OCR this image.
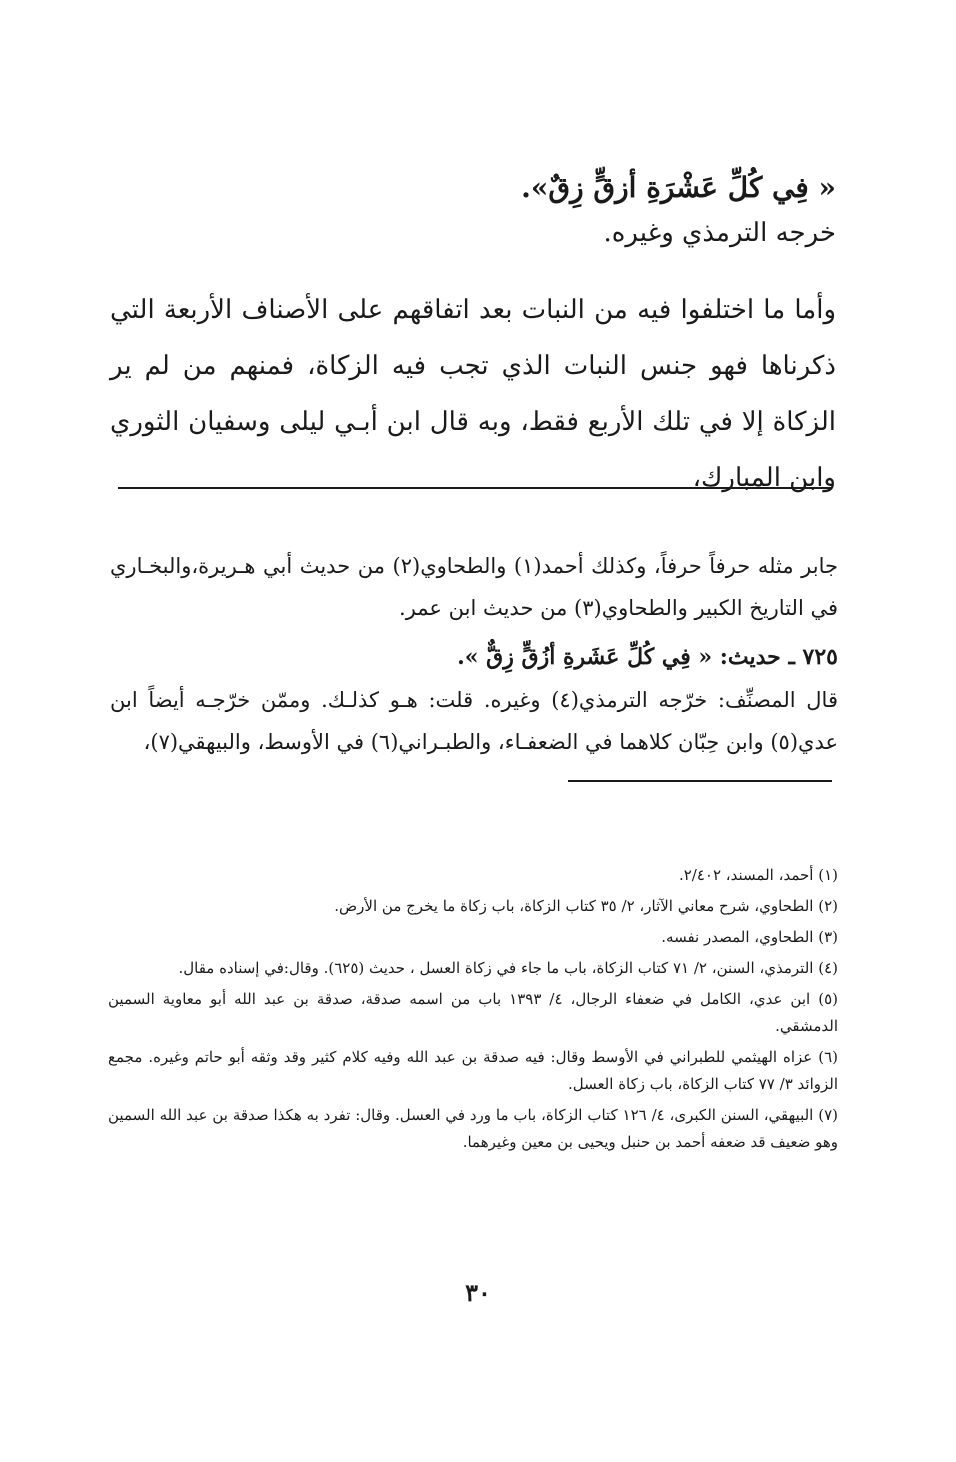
« فِي كُلِّ عَشْرَةِ أزقٍّ زِقٌ».

خرجه الترمذي وغيره.

وأما ما اختلفوا فيه من النبات بعد اتفاقهم على الأصناف الأربعة التي ذكرناها فهو جنس النبات الذي تجب فيه الزكاة، فمنهم من لم ير الزكاة إلا في تلك الأربع فقط، وبه قال ابن أبـي ليلى وسفيان الثوري وابن المبارك،

جابر مثله حرفاً حرفاً، وكذلك أحمد(١) والطحاوي(٢) من حديث أبي هـريرة،والبخـاري في التاريخ الكبير والطحاوي(٣) من حديث ابن عمر.

٧٢٥ ـ حديث: « فِي كُلِّ عَشَرةِ أزُقٍّ زِقٌّ ».

قال المصنِّف: خرّجه الترمذي(٤) وغيره. قلت: هـو كذلـك. وممّن خرّجـه أيضاً ابن عدي(٥) وابن حِبّان كلاهما في الضعفـاء، والطبـراني(٦) في الأوسط، والبيهقي(٧)،

(١) أحمد، المسند، ٢/٤٠٢.
(٢) الطحاوي، شرح معاني الآثار، ٢/ ٣٥ كتاب الزكاة، باب زكاة ما يخرج من الأرض.
(٣) الطحاوي، المصدر نفسه.
(٤) الترمذي، السنن، ٢/ ٧١ كتاب الزكاة، باب ما جاء في زكاة العسل ، حديث (٦٢٥). وقال:في إسناده مقال.
(٥) ابن عدي، الكامل في ضعفاء الرجال، ٤/ ١٣٩٣ باب من اسمه صدقة، صدقة بن عبد الله أبو معاوية السمين الدمشقي.
(٦) عزاه الهيثمي للطبراني في الأوسط وقال: فيه صدقة بن عبد الله وفيه كلام كثير وقد وثقه أبو حاتم وغيره. مجمع الزوائد ٣/ ٧٧ كتاب الزكاة، باب زكاة العسل.
(٧) البيهقي، السنن الكبرى، ٤/ ١٢٦ كتاب الزكاة، باب ما ورد في العسل. وقال: تفرد به هكذا صدقة بن عبد الله السمين وهو ضعيف قد ضعفه أحمد بن حنبل ويحيى بن معين وغيرهما.
٣٠
